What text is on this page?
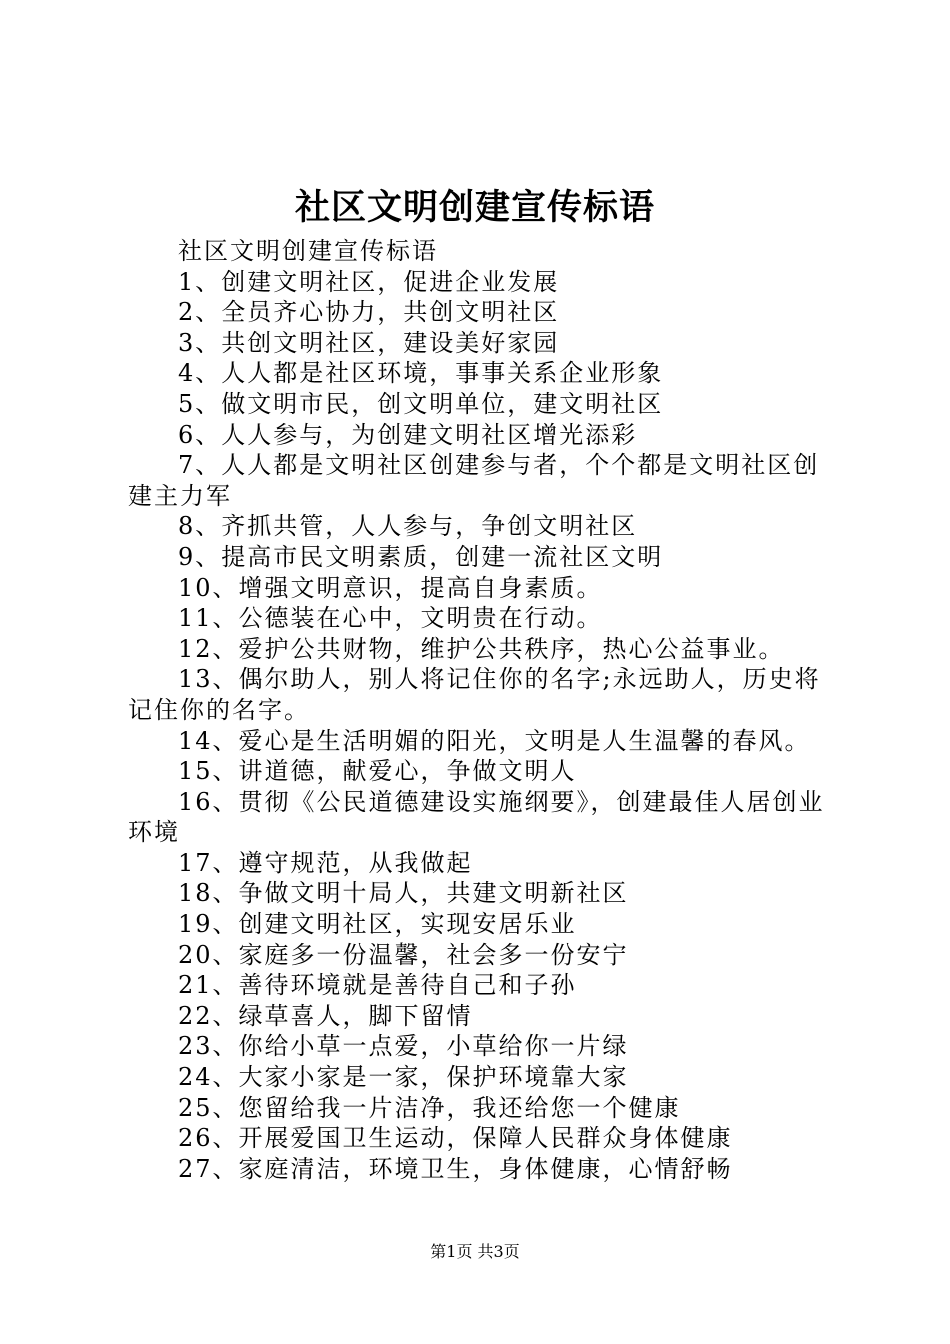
社区文明创建宣传标语

社区文明创建宣传标语

1、创建文明社区，促进企业发展

2、全员齐心协力，共创文明社区

3、共创文明社区，建设美好家园

4、人人都是社区环境，事事关系企业形象

5、做文明市民，创文明单位，建文明社区

6、人人参与，为创建文明社区增光添彩

7、人人都是文明社区创建参与者，个个都是文明社区创建主力军

8、齐抓共管，人人参与，争创文明社区

9、提高市民文明素质，创建一流社区文明

10、增强文明意识，提高自身素质。

11、公德装在心中，文明贵在行动。

12、爱护公共财物，维护公共秩序，热心公益事业。

13、偶尔助人，别人将记住你的名字;永远助人，历史将记住你的名字。

14、爱心是生活明媚的阳光，文明是人生温馨的春风。

15、讲道德，献爱心，争做文明人

16、贯彻《公民道德建设实施纲要》，创建最佳人居创业环境

17、遵守规范，从我做起

18、争做文明十局人，共建文明新社区

19、创建文明社区，实现安居乐业

20、家庭多一份温馨，社会多一份安宁

21、善待环境就是善待自己和子孙

22、绿草喜人，脚下留情

23、你给小草一点爱，小草给你一片绿

24、大家小家是一家，保护环境靠大家

25、您留给我一片洁净，我还给您一个健康

26、开展爱国卫生运动，保障人民群众身体健康

27、家庭清洁，环境卫生，身体健康，心情舒畅

第1页 共3页
